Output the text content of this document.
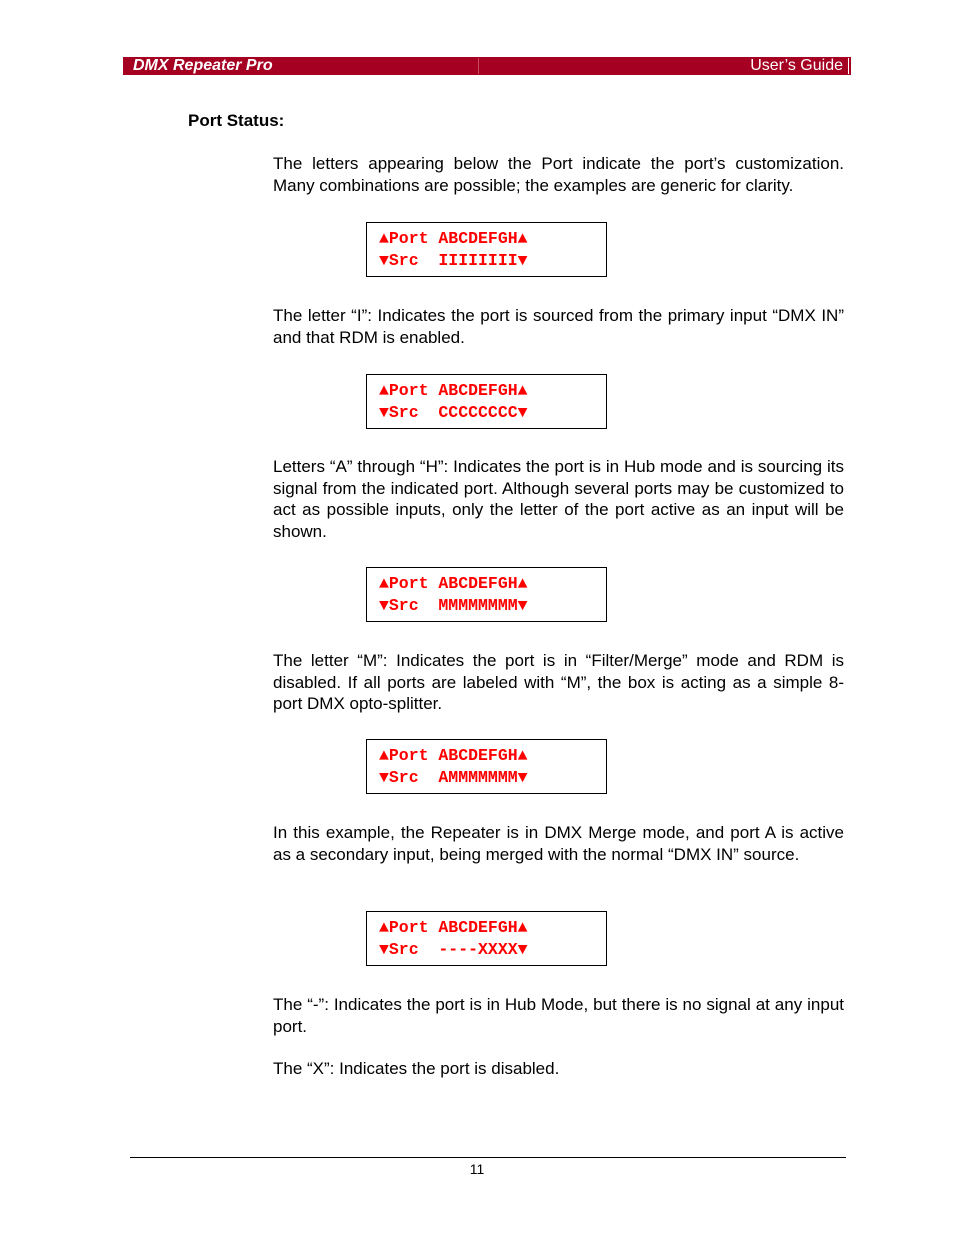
DMX Repeater Pro	User’s Guide
Port Status:

The letters appearing below the Port indicate the port’s customization. Many combinations are possible; the examples are generic for clarity.

▲Port ABCDEFGH▲
▼Src  IIIIIIII▼

The letter “I”: Indicates the port is sourced from the primary input “DMX IN” and that RDM is enabled.

▲Port ABCDEFGH▲
▼Src  CCCCCCCC▼

Letters “A” through “H”: Indicates the port is in Hub mode and is sourcing its signal from the indicated port. Although several ports may be customized to act as possible inputs, only the letter of the port active as an input will be shown.

▲Port ABCDEFGH▲
▼Src  MMMMMMMM▼

The letter “M”: Indicates the port is in “Filter/Merge” mode and RDM is disabled. If all ports are labeled with “M”, the box is acting as a simple 8-port DMX opto-splitter.

▲Port ABCDEFGH▲
▼Src  AMMMMMMM▼

In this example, the Repeater is in DMX Merge mode, and port A is active as a secondary input, being merged with the normal “DMX IN” source.

▲Port ABCDEFGH▲
▼Src  ----XXXX▼

The “-”: Indicates the port is in Hub Mode, but there is no signal at any input port.

The “X”: Indicates the port is disabled.

11
